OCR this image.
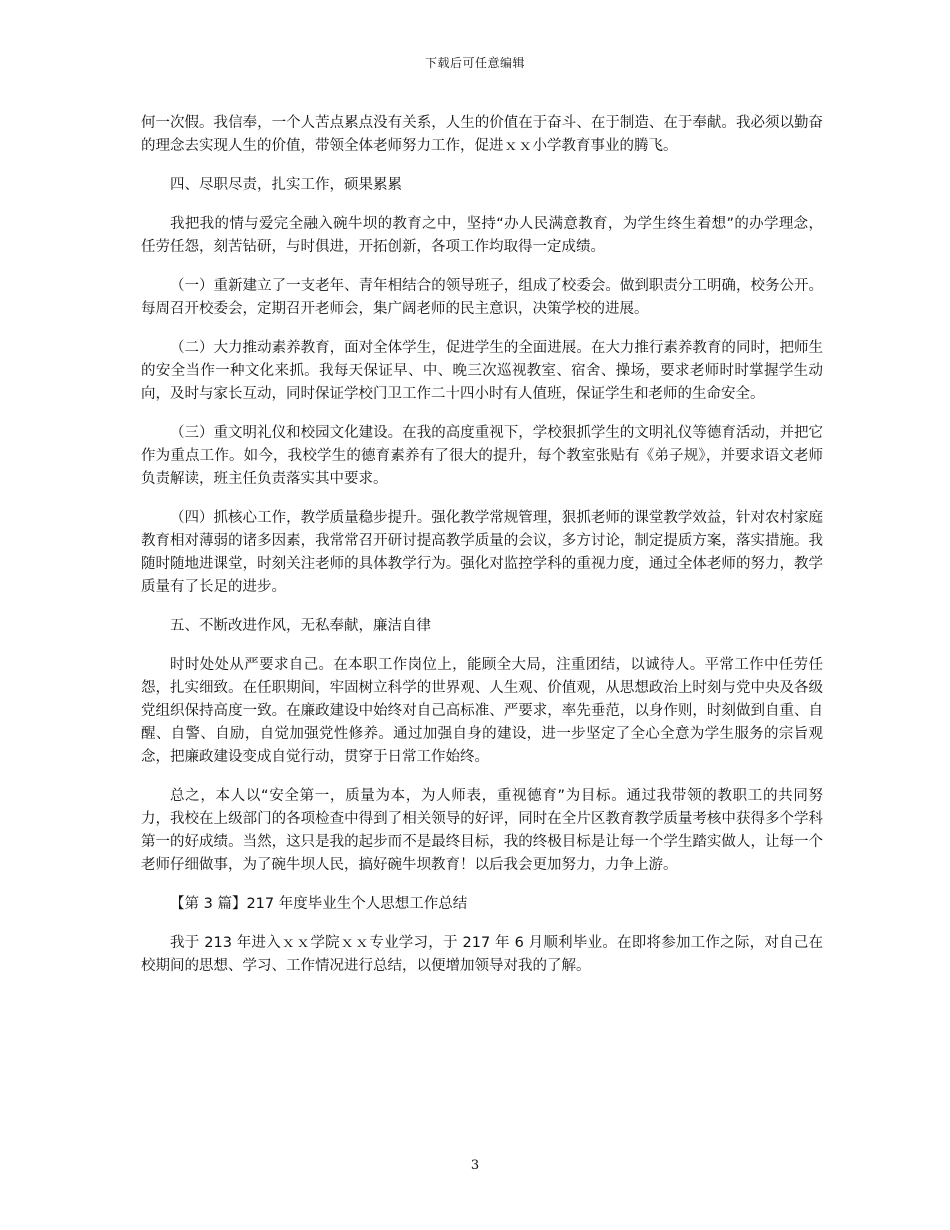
下载后可任意编辑

何一次假。我信奉，一个人苦点累点没有关系，人生的价值在于奋斗、在于制造、在于奉献。我必须以勤奋的理念去实现人生的价值，带领全体老师努力工作，促进ｘｘ小学教育事业的腾飞。

四、尽职尽责，扎实工作，硕果累累

我把我的情与爱完全融入碗牛坝的教育之中，坚持“办人民满意教育，为学生终生着想”的办学理念，任劳任怨，刻苦钻研，与时俱进，开拓创新，各项工作均取得一定成绩。

（一）重新建立了一支老年、青年相结合的领导班子，组成了校委会。做到职责分工明确，校务公开。每周召开校委会，定期召开老师会，集广阔老师的民主意识，决策学校的进展。

（二）大力推动素养教育，面对全体学生，促进学生的全面进展。在大力推行素养教育的同时，把师生的安全当作一种文化来抓。我每天保证早、中、晚三次巡视教室、宿舍、操场，要求老师时时掌握学生动向，及时与家长互动，同时保证学校门卫工作二十四小时有人值班，保证学生和老师的生命安全。

（三）重文明礼仪和校园文化建设。在我的高度重视下，学校狠抓学生的文明礼仪等德育活动，并把它作为重点工作。如今，我校学生的德育素养有了很大的提升，每个教室张贴有《弟子规》，并要求语文老师负责解读，班主任负责落实其中要求。

（四）抓核心工作，教学质量稳步提升。强化教学常规管理，狠抓老师的课堂教学效益，针对农村家庭教育相对薄弱的诸多因素，我常常召开研讨提高教学质量的会议，多方讨论，制定提质方案，落实措施。我随时随地进课堂，时刻关注老师的具体教学行为。强化对监控学科的重视力度，通过全体老师的努力，教学质量有了长足的进步。

五、不断改进作风，无私奉献，廉洁自律

时时处处从严要求自己。在本职工作岗位上，能顾全大局，注重团结，以诚待人。平常工作中任劳任怨，扎实细致。在任职期间，牢固树立科学的世界观、人生观、价值观，从思想政治上时刻与党中央及各级党组织保持高度一致。在廉政建设中始终对自己高标准、严要求，率先垂范，以身作则，时刻做到自重、自醒、自警、自励，自觉加强党性修养。通过加强自身的建设，进一步坚定了全心全意为学生服务的宗旨观念，把廉政建设变成自觉行动，贯穿于日常工作始终。

总之，本人以“安全第一，质量为本，为人师表，重视德育”为目标。通过我带领的教职工的共同努力，我校在上级部门的各项检查中得到了相关领导的好评，同时在全片区教育教学质量考核中获得多个学科第一的好成绩。当然，这只是我的起步而不是最终目标，我的终极目标是让每一个学生踏实做人，让每一个老师仔细做事，为了碗牛坝人民，搞好碗牛坝教育！以后我会更加努力，力争上游。

【第 3 篇】217 年度毕业生个人思想工作总结

我于 213 年进入ｘｘ学院ｘｘ专业学习，于 217 年 6 月顺利毕业。在即将参加工作之际，对自己在校期间的思想、学习、工作情况进行总结，以便增加领导对我的了解。

3
